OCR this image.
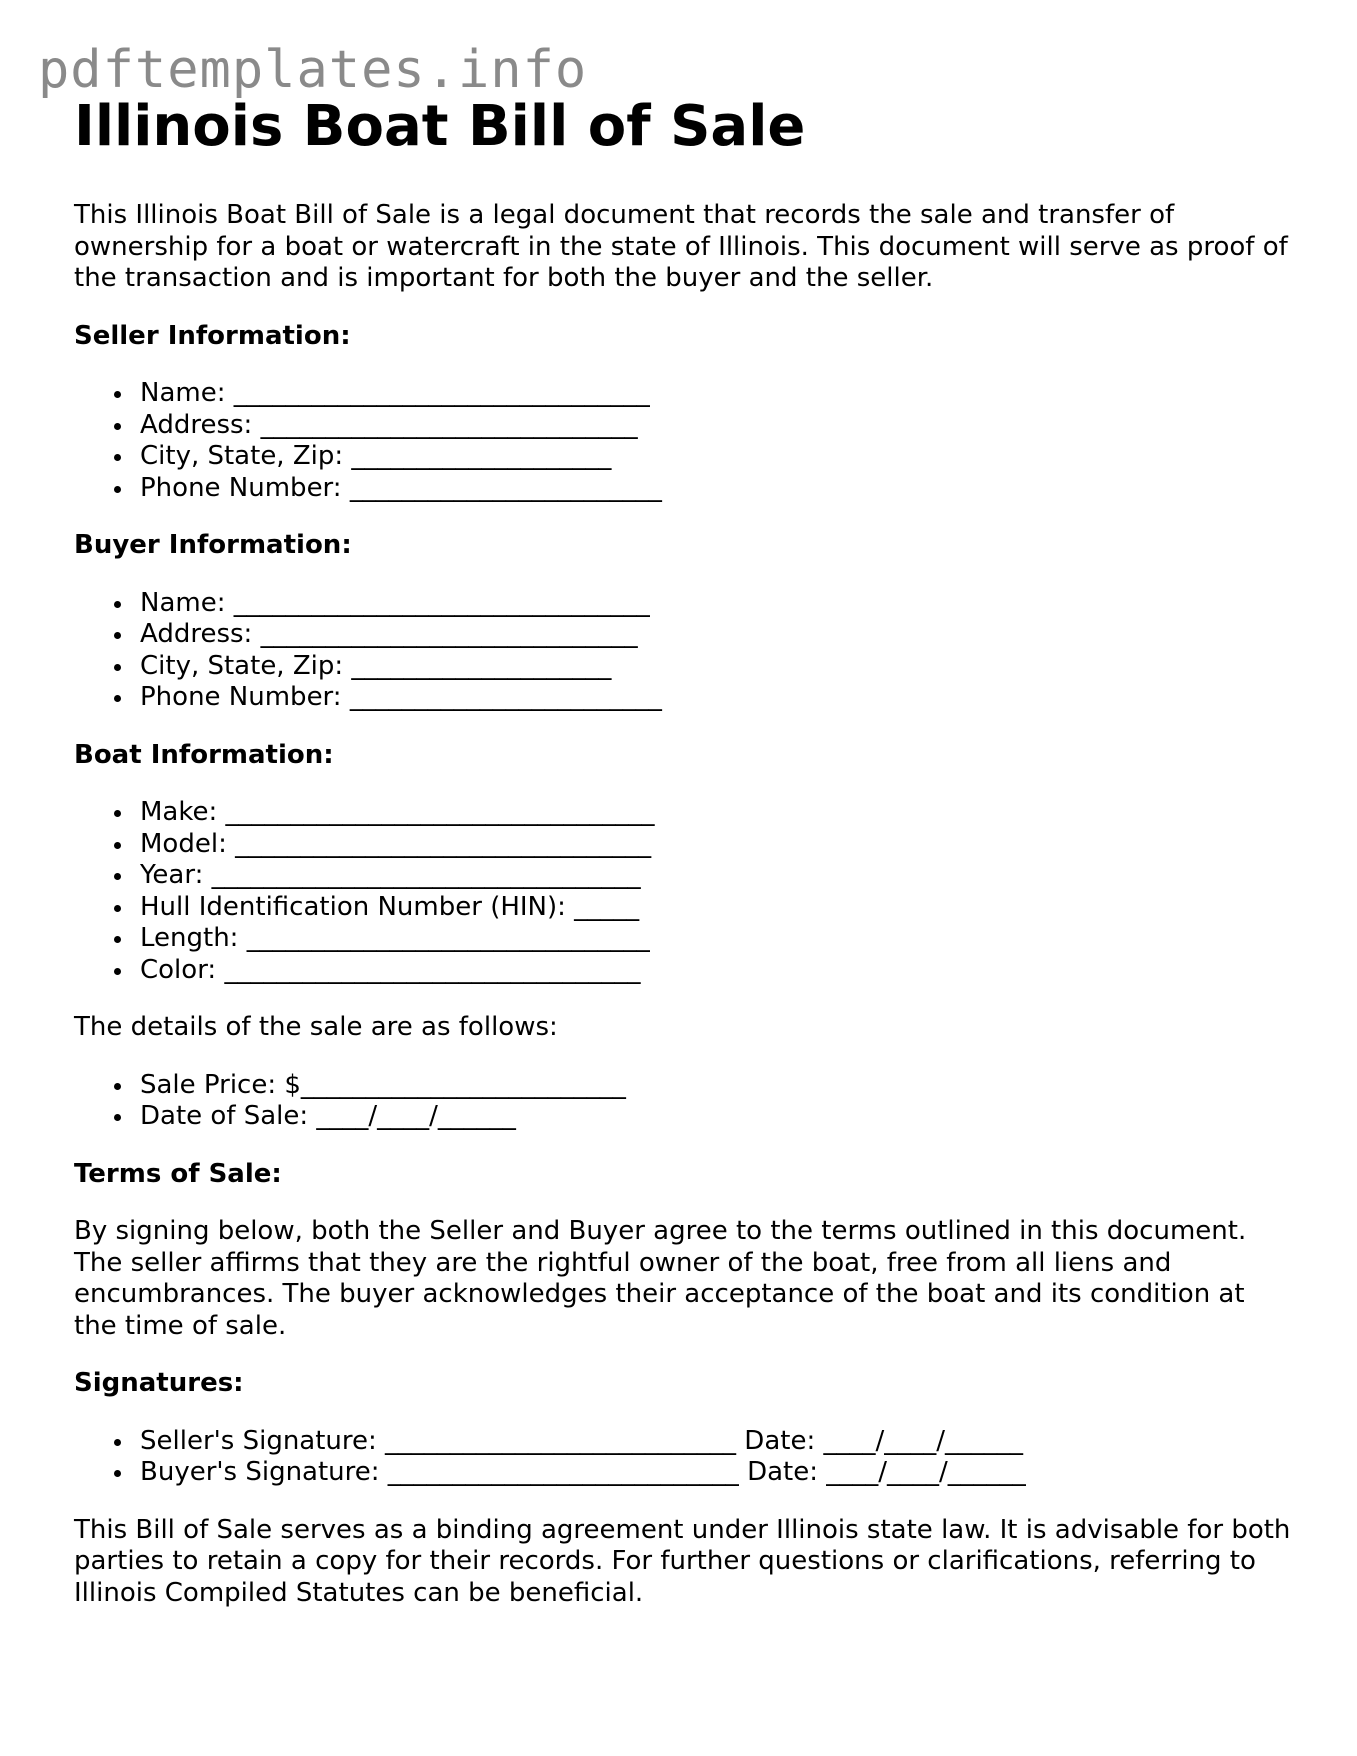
pdftemplates.info
Illinois Boat Bill of Sale

This Illinois Boat Bill of Sale is a legal document that records the sale and transfer of ownership for a boat or watercraft in the state of Illinois. This document will serve as proof of the transaction and is important for both the buyer and the seller.

Seller Information:
Name: ________________________________
Address: _____________________________
City, State, Zip: ____________________
Phone Number: ________________________
Buyer Information:
Name: ________________________________
Address: _____________________________
City, State, Zip: ____________________
Phone Number: ________________________
Boat Information:
Make: _________________________________
Model: ________________________________
Year: _________________________________
Hull Identification Number (HIN): _____
Length: _______________________________
Color: ________________________________

The details of the sale are as follows:

Sale Price: $_________________________
Date of Sale: ____/____/______
Terms of Sale:

By signing below, both the Seller and Buyer agree to the terms outlined in this document. The seller affirms that they are the rightful owner of the boat, free from all liens and encumbrances. The buyer acknowledges their acceptance of the boat and its condition at the time of sale.

Signatures:
Seller's Signature: ___________________________ Date: ____/____/______
Buyer's Signature: ___________________________ Date: ____/____/______

This Bill of Sale serves as a binding agreement under Illinois state law. It is advisable for both parties to retain a copy for their records. For further questions or clarifications, referring to Illinois Compiled Statutes can be beneficial.
